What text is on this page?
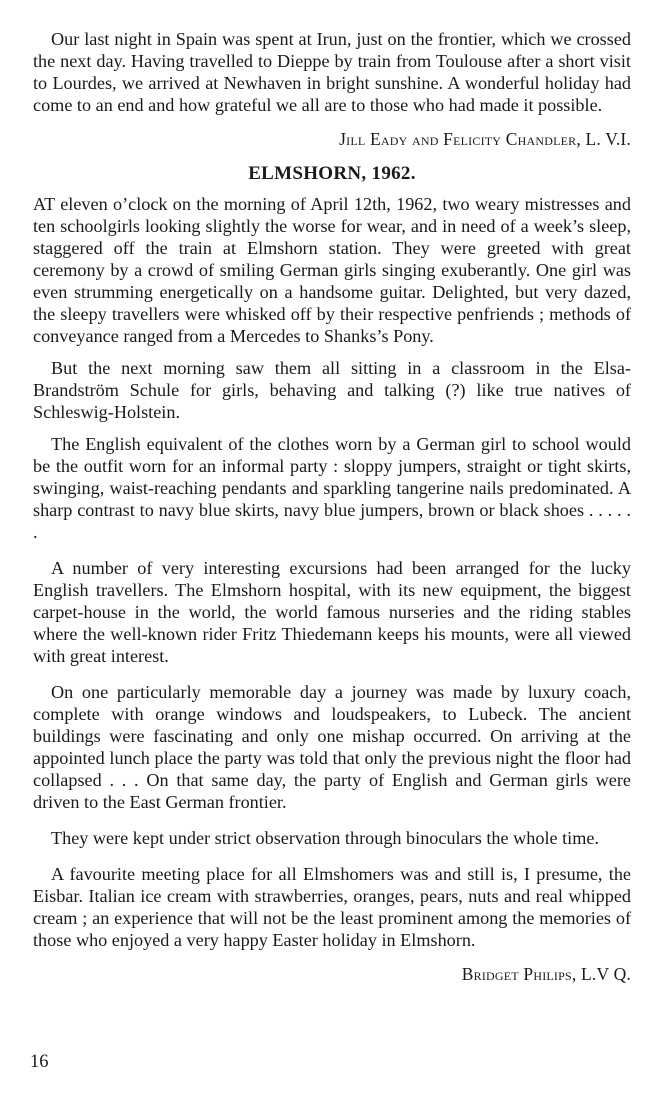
Our last night in Spain was spent at Irun, just on the frontier, which we crossed the next day. Having travelled to Dieppe by train from Toulouse after a short visit to Lourdes, we arrived at Newhaven in bright sunshine. A wonderful holiday had come to an end and how grateful we all are to those who had made it possible.

Jill Eady and Felicity Chandler, L. V.I.

ELMSHORN, 1962.

AT eleven o’clock on the morning of April 12th, 1962, two weary mistresses and ten schoolgirls looking slightly the worse for wear, and in need of a week’s sleep, staggered off the train at Elmshorn station. They were greeted with great ceremony by a crowd of smiling German girls singing exuberantly. One girl was even strumming energetically on a handsome guitar. Delighted, but very dazed, the sleepy travellers were whisked off by their respective penfriends ; methods of conveyance ranged from a Mercedes to Shanks’s Pony.

But the next morning saw them all sitting in a classroom in the Elsa-Brandström Schule for girls, behaving and talking (?) like true natives of Schleswig-Holstein.

The English equivalent of the clothes worn by a German girl to school would be the outfit worn for an informal party : sloppy jumpers, straight or tight skirts, swinging, waist-reaching pendants and sparkling tangerine nails predominated. A sharp contrast to navy blue skirts, navy blue jumpers, brown or black shoes . . . . . .

A number of very interesting excursions had been arranged for the lucky English travellers. The Elmshorn hospital, with its new equipment, the biggest carpet-house in the world, the world famous nurseries and the riding stables where the well-known rider Fritz Thiedemann keeps his mounts, were all viewed with great interest.

On one particularly memorable day a journey was made by luxury coach, complete with orange windows and loudspeakers, to Lubeck. The ancient buildings were fascinating and only one mishap occurred. On arriving at the appointed lunch place the party was told that only the previous night the floor had collapsed . . . On that same day, the party of English and German girls were driven to the East German frontier.

They were kept under strict observation through binoculars the whole time.

A favourite meeting place for all Elmshomers was and still is, I presume, the Eisbar. Italian ice cream with strawberries, oranges, pears, nuts and real whipped cream ; an experience that will not be the least prominent among the memories of those who enjoyed a very happy Easter holiday in Elmshorn.

Bridget Philips, L.V Q.

16
